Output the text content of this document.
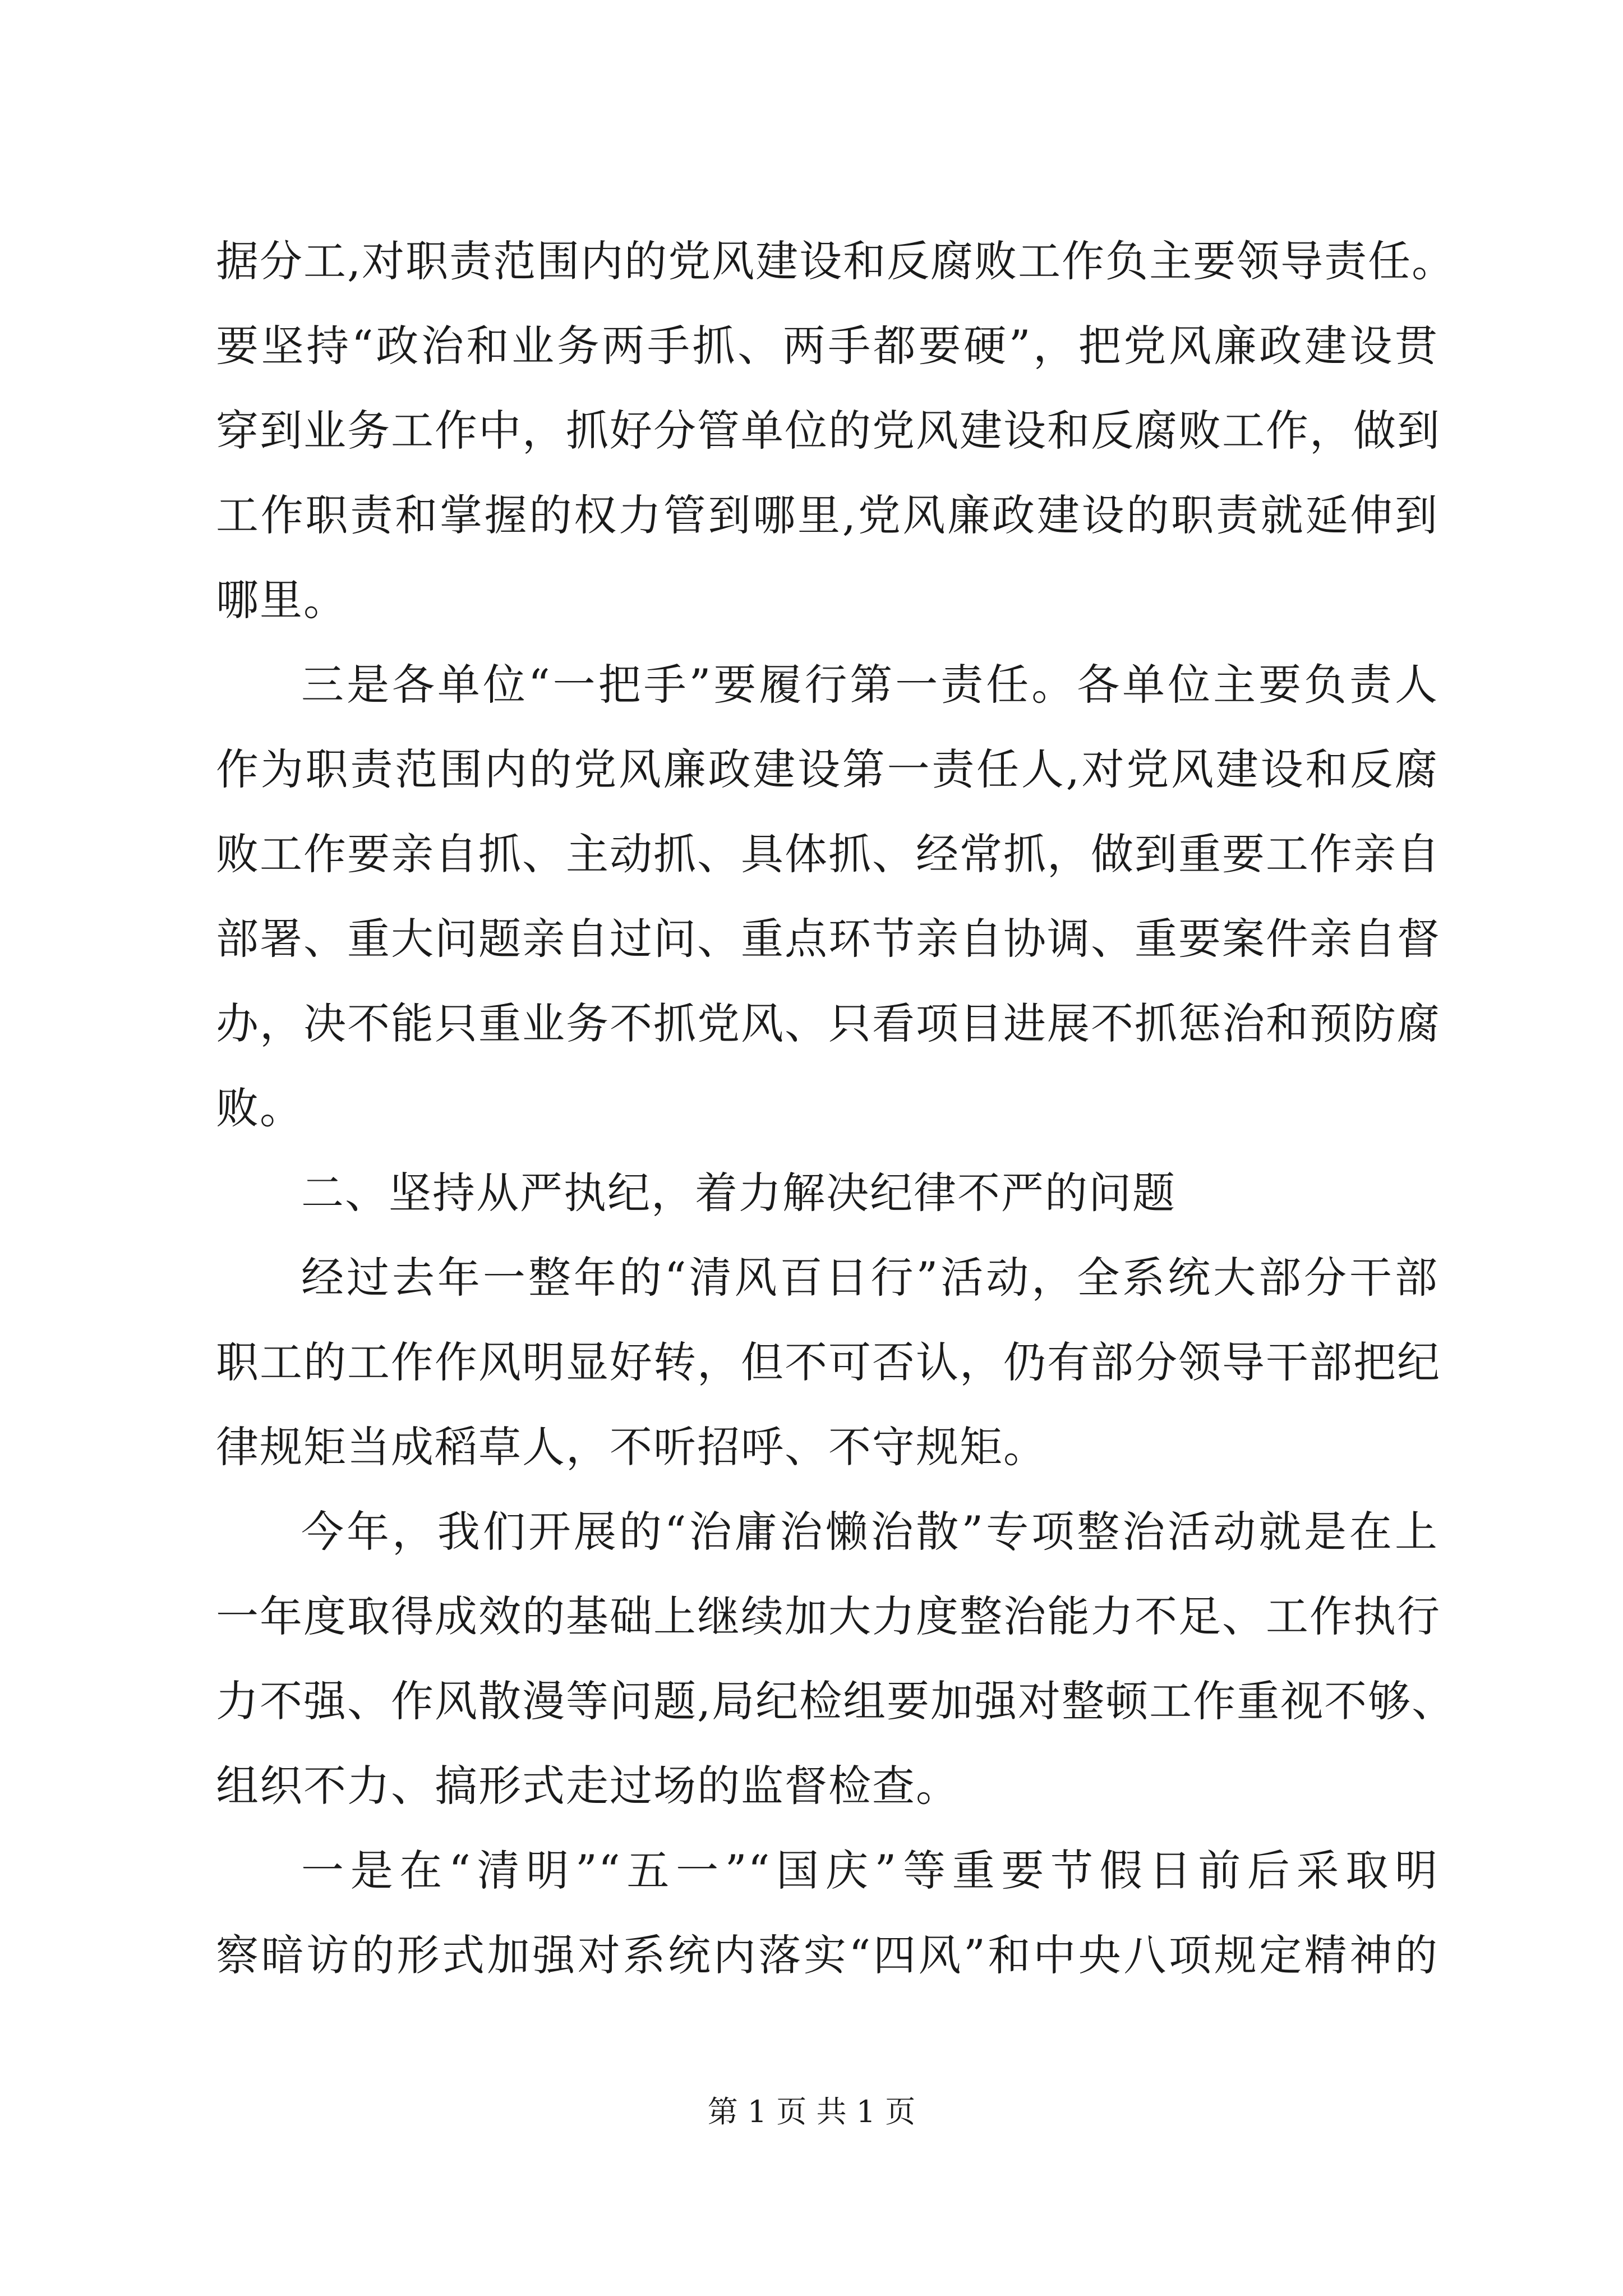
据分工,对职责范围内的党风建设和反腐败工作负主要领导责任。
要坚持“政治和业务两手抓、两手都要硬”，把党风廉政建设贯
穿到业务工作中，抓好分管单位的党风建设和反腐败工作，做到
工作职责和掌握的权力管到哪里,党风廉政建设的职责就延伸到
哪里。
三是各单位“一把手”要履行第一责任。各单位主要负责人
作为职责范围内的党风廉政建设第一责任人,对党风建设和反腐
败工作要亲自抓、主动抓、具体抓、经常抓，做到重要工作亲自
部署、重大问题亲自过问、重点环节亲自协调、重要案件亲自督
办，决不能只重业务不抓党风、只看项目进展不抓惩治和预防腐
败。
二、坚持从严执纪，着力解决纪律不严的问题
经过去年一整年的“清风百日行”活动，全系统大部分干部
职工的工作作风明显好转，但不可否认，仍有部分领导干部把纪
律规矩当成稻草人，不听招呼、不守规矩。
今年，我们开展的“治庸治懒治散”专项整治活动就是在上
一年度取得成效的基础上继续加大力度整治能力不足、工作执行
力不强、作风散漫等问题,局纪检组要加强对整顿工作重视不够、
组织不力、搞形式走过场的监督检查。
一是在“清明”“五一”“国庆”等重要节假日前后采取明
察暗访的形式加强对系统内落实“四风”和中央八项规定精神的
第 1 页 共 1 页
